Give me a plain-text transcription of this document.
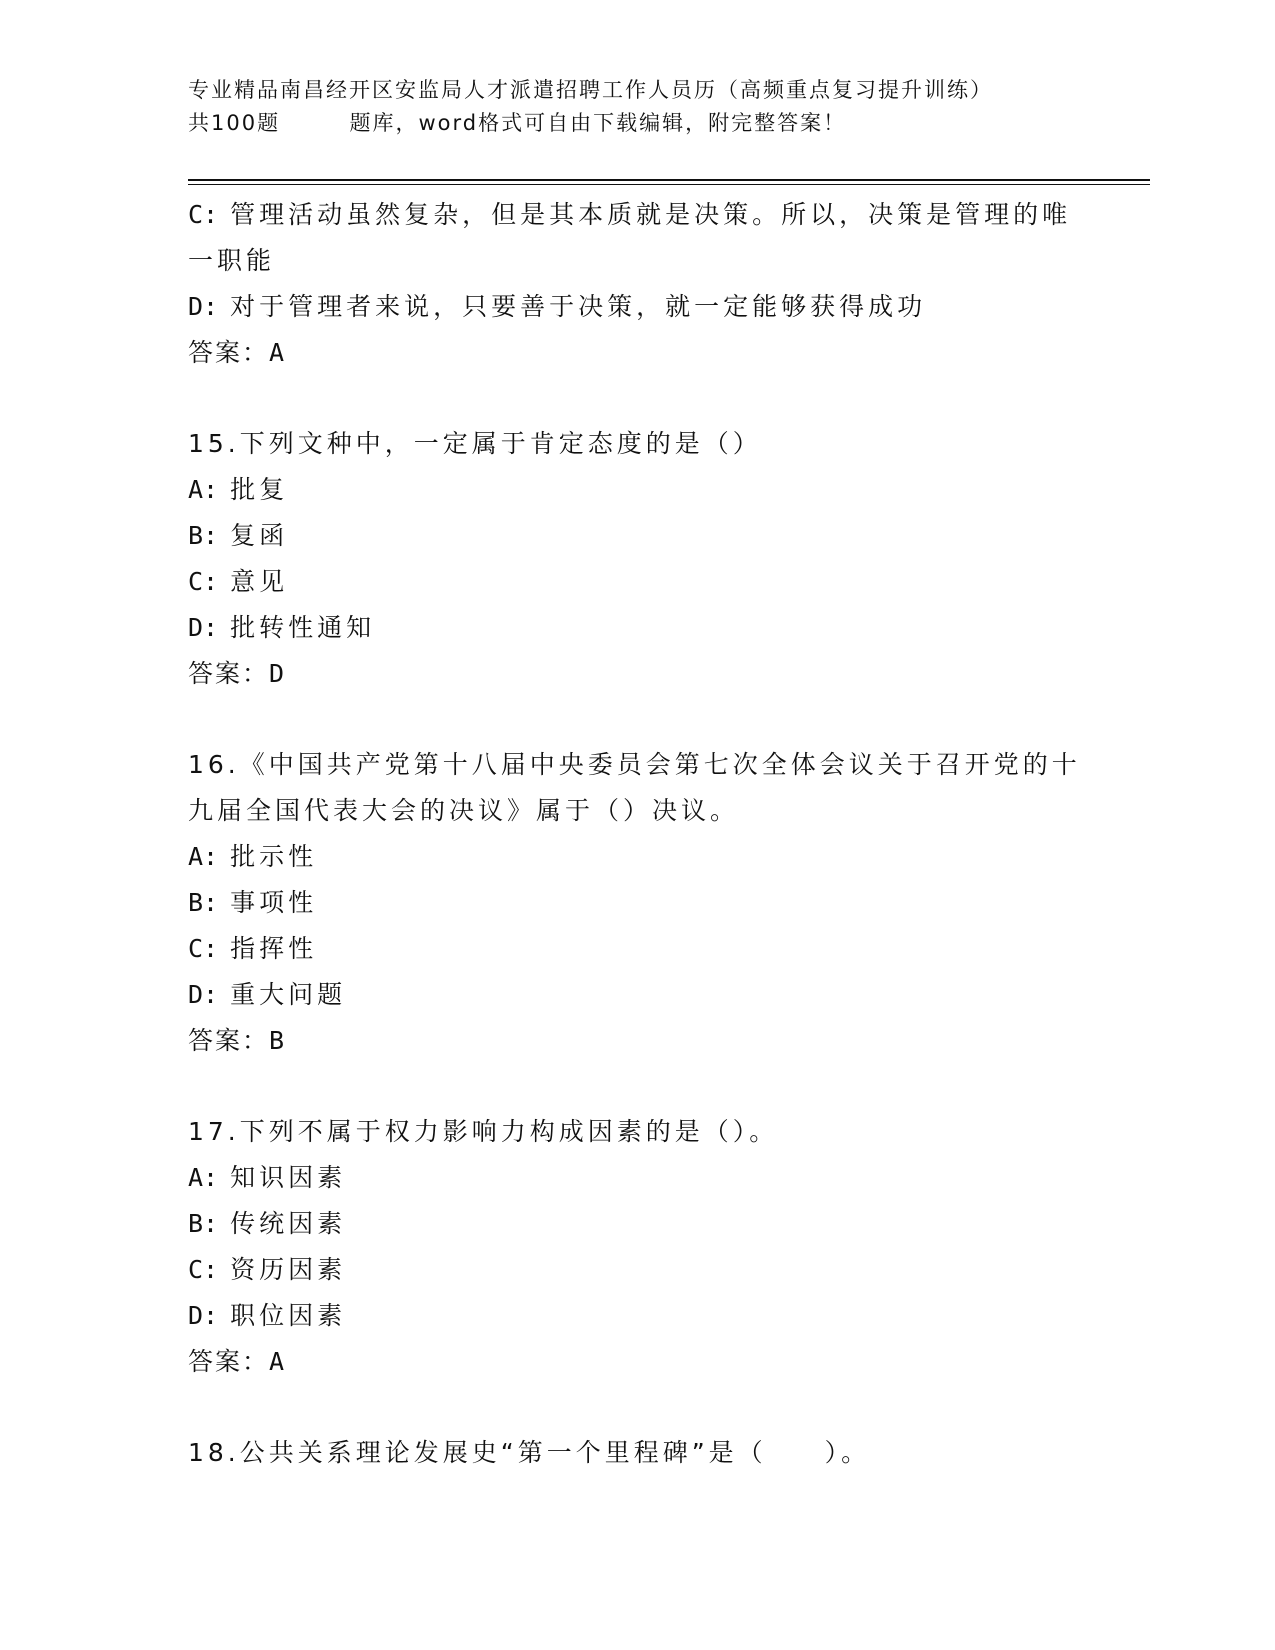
专业精品南昌经开区安监局人才派遣招聘工作人员历（高频重点复习提升训练）
共100题	题库，word格式可自由下载编辑，附完整答案！
C: 管理活动虽然复杂，但是其本质就是决策。所以，决策是管理的唯
一职能
D: 对于管理者来说，只要善于决策，就一定能够获得成功
答案：A
15.下列文种中，一定属于肯定态度的是（）
A: 批复
B: 复函
C: 意见
D: 批转性通知
答案：D
16.《中国共产党第十八届中央委员会第七次全体会议关于召开党的十
九届全国代表大会的决议》属于（）决议。
A: 批示性
B: 事项性
C: 指挥性
D: 重大问题
答案：B
17.下列不属于权力影响力构成因素的是（）。
A: 知识因素
B: 传统因素
C: 资历因素
D: 职位因素
答案：A
18.公共关系理论发展史“第一个里程碑”是（　　）。
